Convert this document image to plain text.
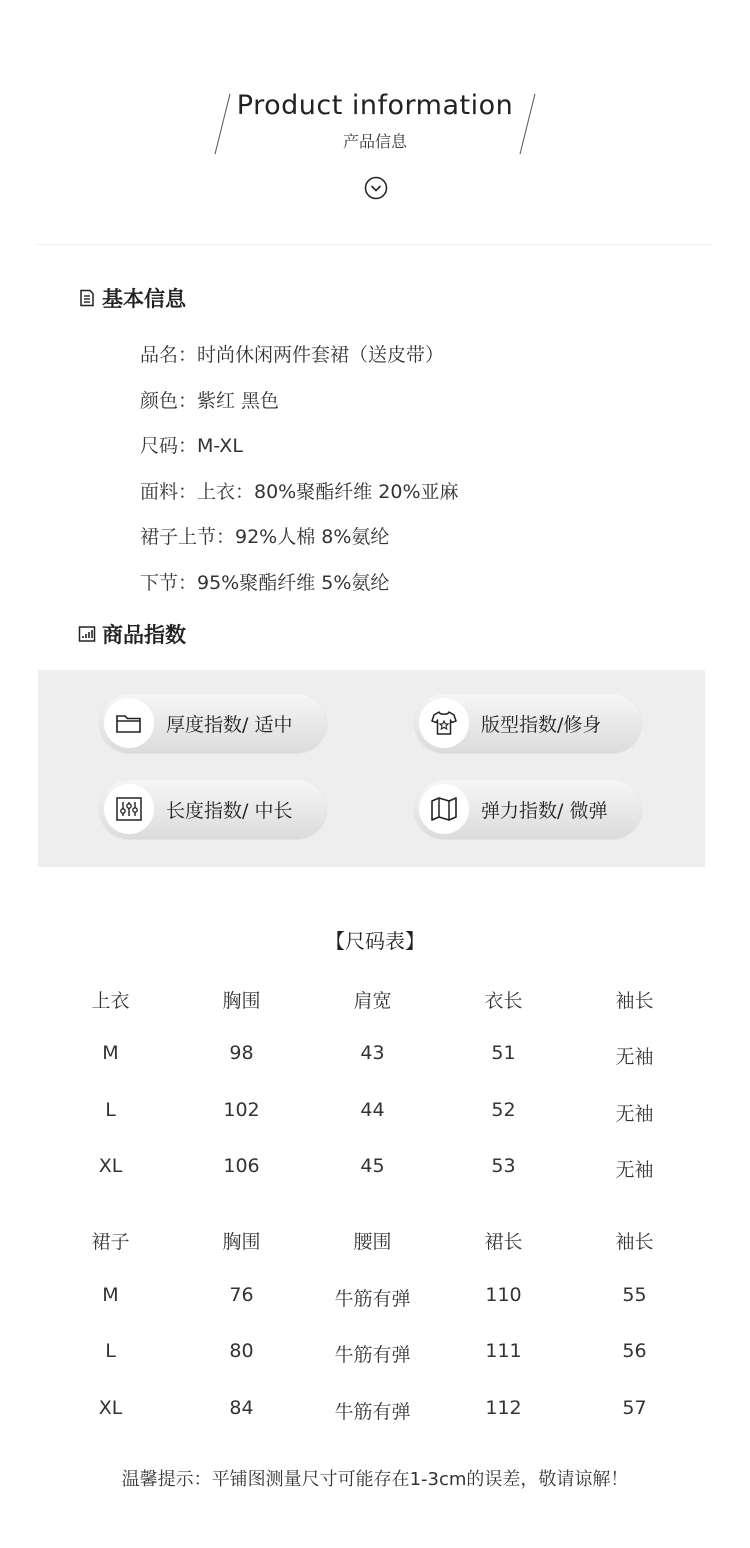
Product information
产品信息
基本信息
品名：时尚休闲两件套裙（送皮带）
颜色：紫红 黑色
尺码：M-XL
面料：上衣：80%聚酯纤维 20%亚麻
裙子上节：92%人棉 8%氨纶
下节：95%聚酯纤维 5%氨纶
商品指数
厚度指数/ 适中	版型指数/修身
长度指数/ 中长	弹力指数/ 微弹
【尺码表】
上衣	胸围	肩宽	衣长	袖长
M	98	43	51	无袖
L	102	44	52	无袖
XL	106	45	53	无袖
裙子	胸围	腰围	裙长	袖长
M	76	牛筋有弹	110	55
L	80	牛筋有弹	111	56
XL	84	牛筋有弹	112	57
温馨提示：平铺图测量尺寸可能存在1-3cm的误差，敬请谅解！
